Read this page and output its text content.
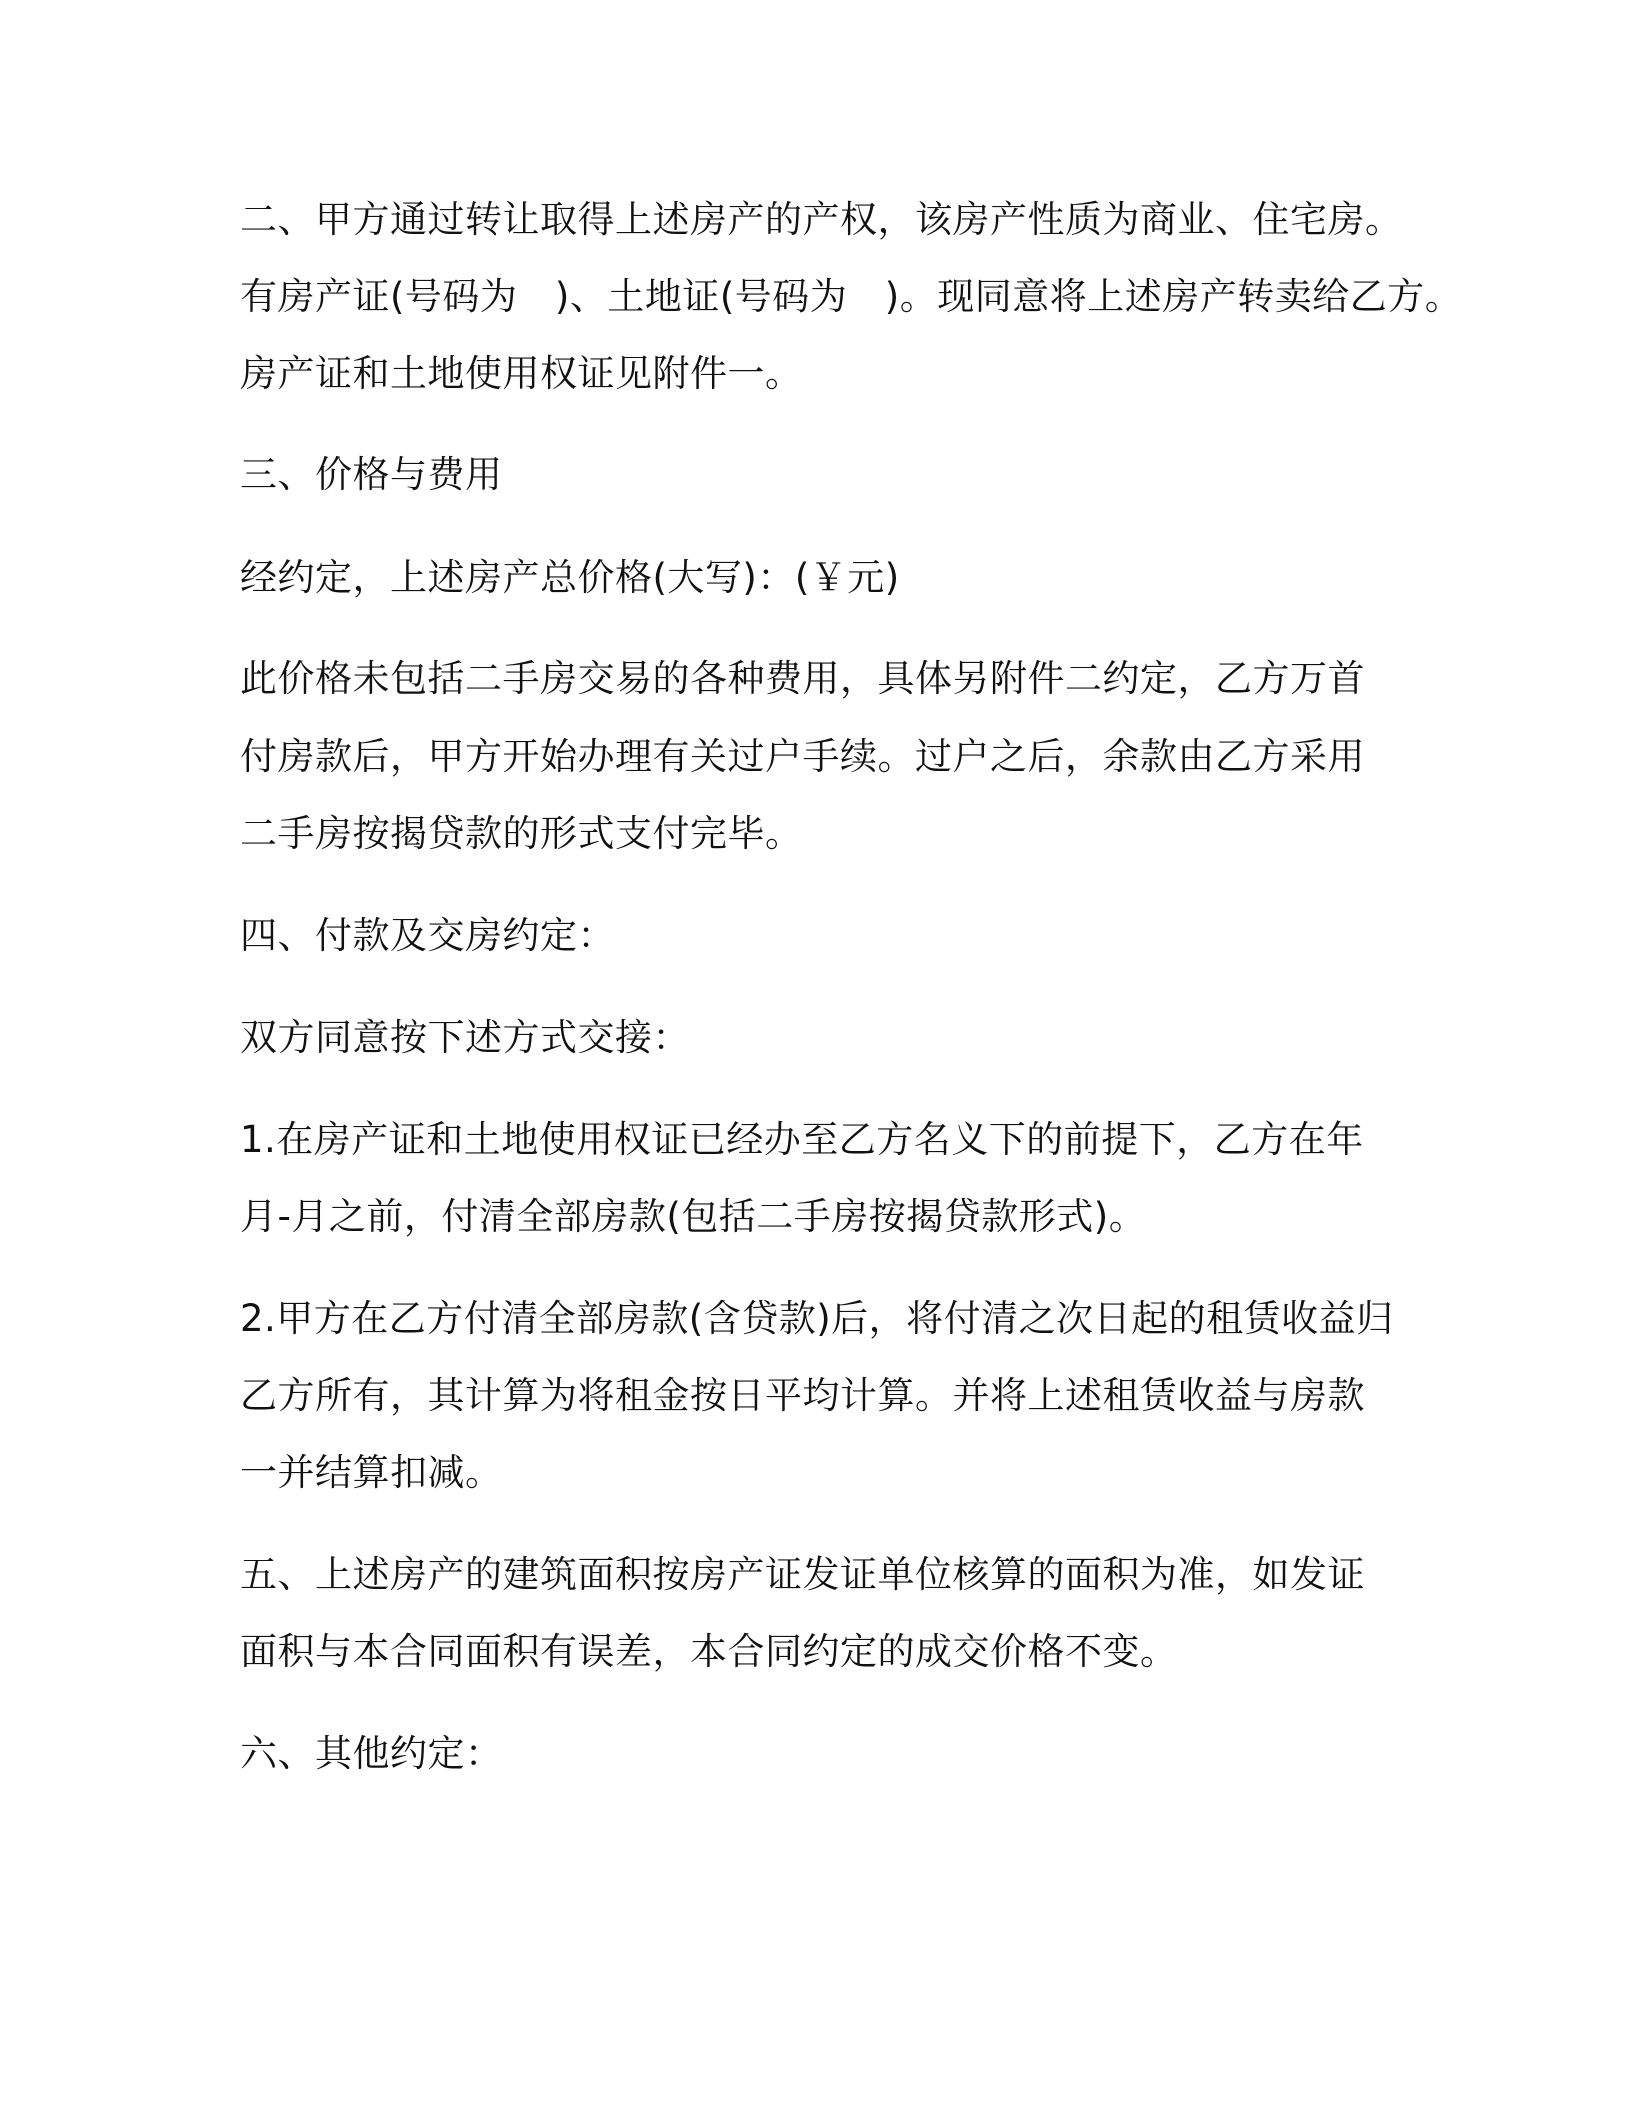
二、甲方通过转让取得上述房产的产权，该房产性质为商业、住宅房。
有房产证(号码为　)、土地证(号码为　)。现同意将上述房产转卖给乙方。
房产证和土地使用权证见附件一。
三、价格与费用
经约定，上述房产总价格(大写)：(￥元)
此价格未包括二手房交易的各种费用，具体另附件二约定，乙方万首
付房款后，甲方开始办理有关过户手续。过户之后，余款由乙方采用
二手房按揭贷款的形式支付完毕。
四、付款及交房约定：
双方同意按下述方式交接：
1.在房产证和土地使用权证已经办至乙方名义下的前提下，乙方在年
月-月之前，付清全部房款(包括二手房按揭贷款形式)。
2.甲方在乙方付清全部房款(含贷款)后，将付清之次日起的租赁收益归
乙方所有，其计算为将租金按日平均计算。并将上述租赁收益与房款
一并结算扣减。
五、上述房产的建筑面积按房产证发证单位核算的面积为准，如发证
面积与本合同面积有误差，本合同约定的成交价格不变。
六、其他约定：
